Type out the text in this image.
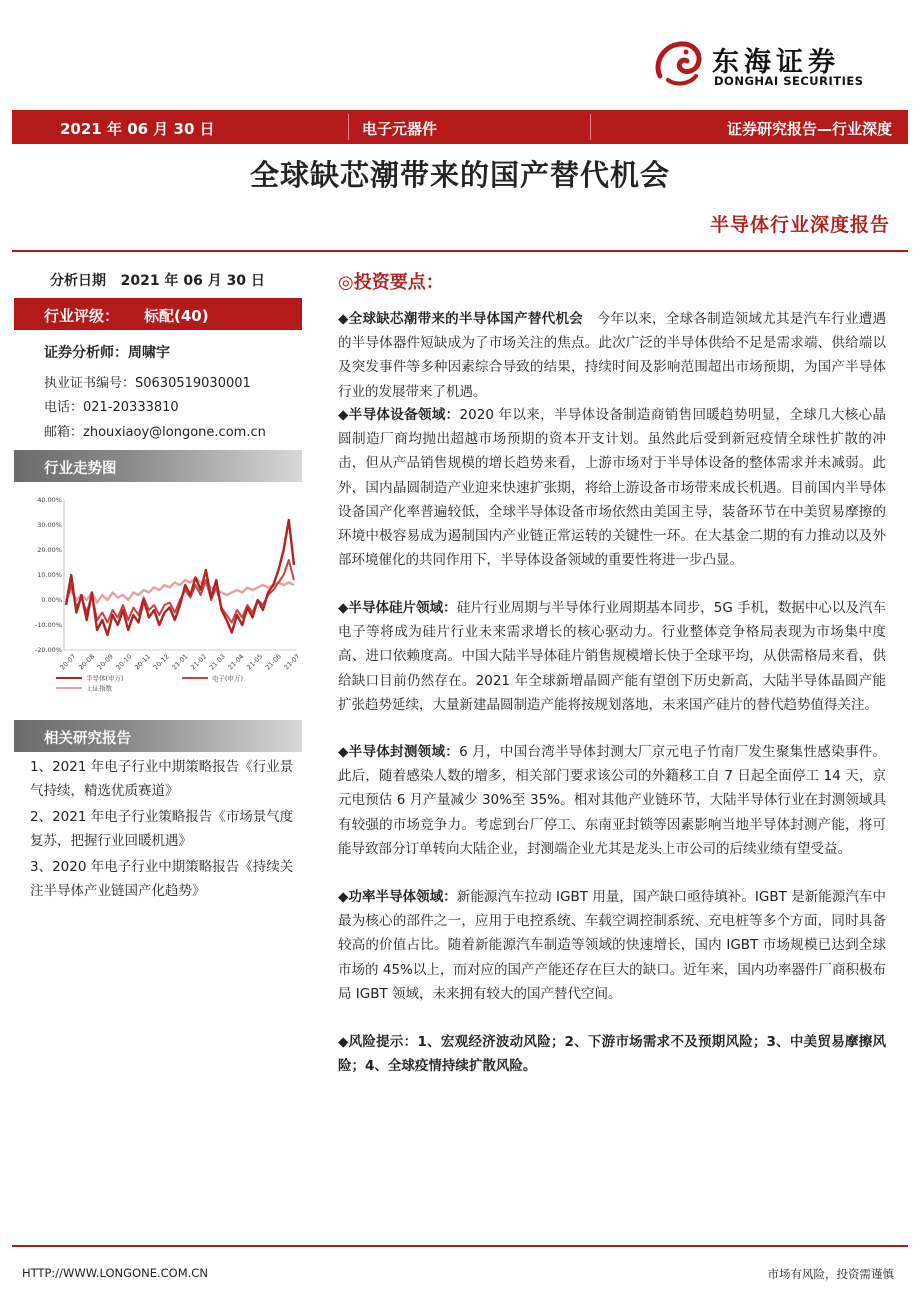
东海证券
DONGHAI SECURITIES
2021 年 06 月 30 日	电子元器件	证券研究报告—行业深度
全球缺芯潮带来的国产替代机会
半导体行业深度报告
分析日期 2021 年 06 月 30 日
行业评级： 标配(40)
证券分析师：周啸宇
执业证书编号：S0630519030001
电话：021-20333810
邮箱：zhouxiaoy@longone.com.cn
行业走势图
40.00%
30.00%
20.00%
10.00%
0.00%
-10.00%
-20.00%
20-07 20-08 20-09 20-10 20-11 20-12 21-01 21-02 21-03 21-04 21-05 21-06 21-07
半导体(申万)	电子(申万)
上证指数
相关研究报告
1、2021 年电子行业中期策略报告《行业景气持续，精选优质赛道》
2、2021 年电子行业策略报告《市场景气度复苏，把握行业回暖机遇》
3、2020 年电子行业中期策略报告《持续关注半导体产业链国产化趋势》
◎投资要点：
◆全球缺芯潮带来的半导体国产替代机会　今年以来，全球各制造领域尤其是汽车行业遭遇的半导体器件短缺成为了市场关注的焦点。此次广泛的半导体供给不足是需求端、供给端以及突发事件等多种因素综合导致的结果，持续时间及影响范围超出市场预期，为国产半导体行业的发展带来了机遇。
◆半导体设备领域：2020 年以来，半导体设备制造商销售回暖趋势明显，全球几大核心晶圆制造厂商均抛出超越市场预期的资本开支计划。虽然此后受到新冠疫情全球性扩散的冲击，但从产品销售规模的增长趋势来看，上游市场对于半导体设备的整体需求并未减弱。此外，国内晶圆制造产业迎来快速扩张期，将给上游设备市场带来成长机遇。目前国内半导体设备国产化率普遍较低，全球半导体设备市场依然由美国主导，装备环节在中美贸易摩擦的环境中极容易成为遏制国内产业链正常运转的关键性一环。在大基金二期的有力推动以及外部环境催化的共同作用下，半导体设备领域的重要性将进一步凸显。
◆半导体硅片领域：硅片行业周期与半导体行业周期基本同步，5G 手机，数据中心以及汽车电子等将成为硅片行业未来需求增长的核心驱动力。行业整体竞争格局表现为市场集中度高、进口依赖度高。中国大陆半导体硅片销售规模增长快于全球平均，从供需格局来看，供给缺口目前仍然存在。2021 年全球新增晶圆产能有望创下历史新高，大陆半导体晶圆产能扩张趋势延续，大量新建晶圆制造产能将按规划落地，未来国产硅片的替代趋势值得关注。
◆半导体封测领域：6 月，中国台湾半导体封测大厂京元电子竹南厂发生聚集性感染事件。此后，随着感染人数的增多，相关部门要求该公司的外籍移工自 7 日起全面停工 14 天，京元电预估 6 月产量减少 30%至 35%。相对其他产业链环节，大陆半导体行业在封测领域具有较强的市场竞争力。考虑到台厂停工、东南亚封锁等因素影响当地半导体封测产能，将可能导致部分订单转向大陆企业，封测端企业尤其是龙头上市公司的后续业绩有望受益。
◆功率半导体领域：新能源汽车拉动 IGBT 用量，国产缺口亟待填补。IGBT 是新能源汽车中最为核心的部件之一，应用于电控系统、车载空调控制系统、充电桩等多个方面，同时具备较高的价值占比。随着新能源汽车制造等领域的快速增长，国内 IGBT 市场规模已达到全球市场的 45%以上，而对应的国产产能还存在巨大的缺口。近年来，国内功率器件厂商积极布局 IGBT 领域，未来拥有较大的国产替代空间。
◆风险提示：1、宏观经济波动风险；2、下游市场需求不及预期风险；3、中美贸易摩擦风险；4、全球疫情持续扩散风险。
HTTP://WWW.LONGONE.COM.CN	市场有风险，投资需谨慎
